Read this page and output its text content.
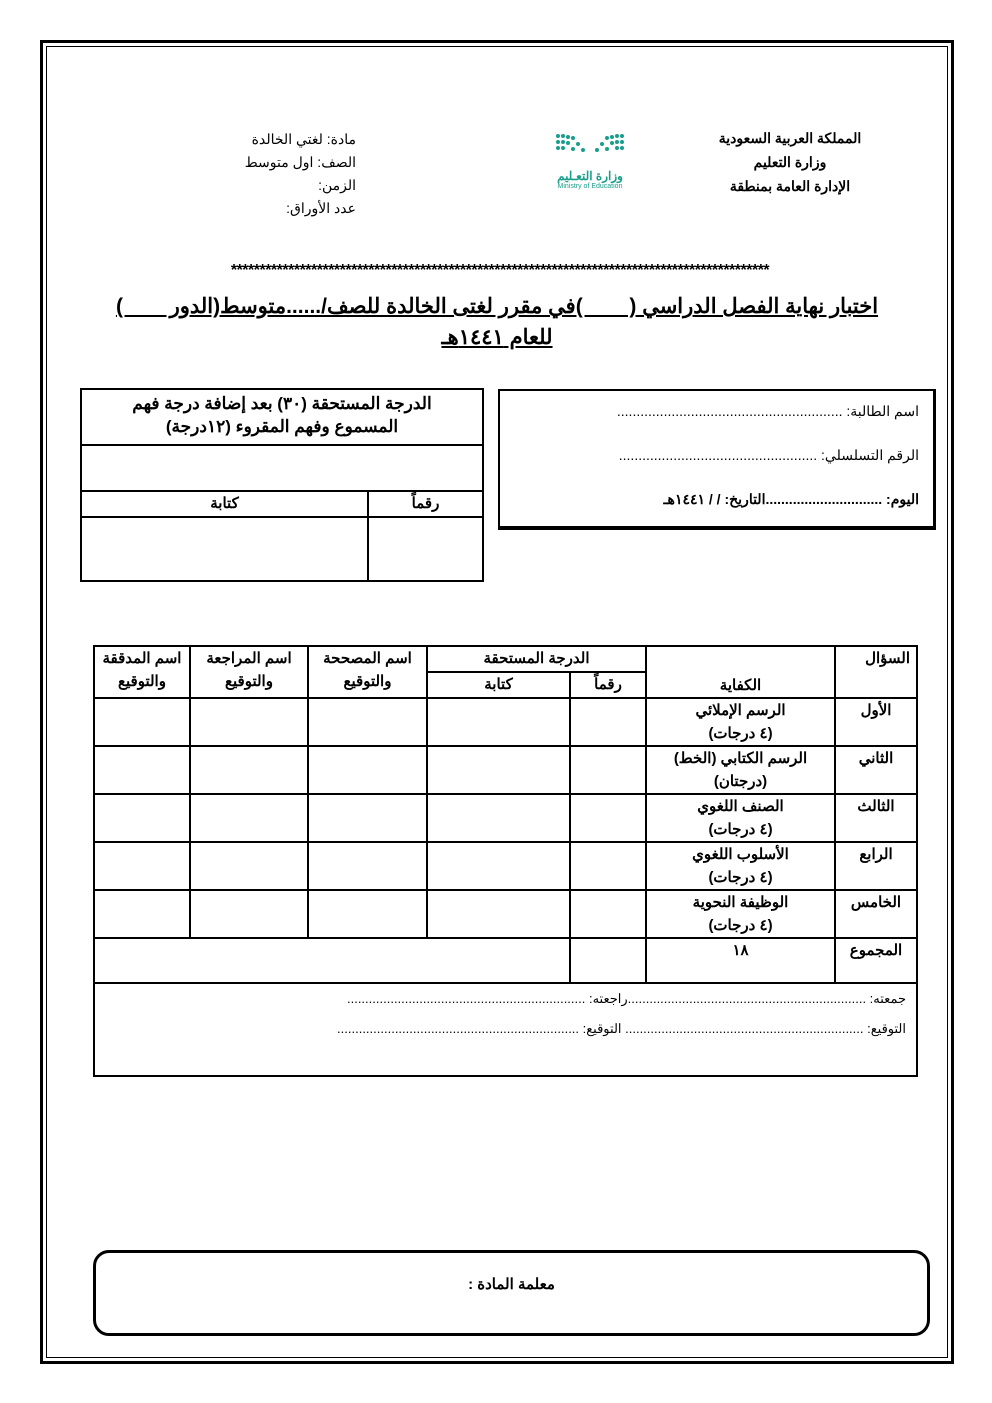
المملكة العربية السعودية
وزارة التعليم
الإدارة العامة بمنطقة
وزارة التعـليم
Ministry of Education
مادة: لغتي الخالدة
الصف: اول متوسط
الزمن:
عدد الأوراق:
**********************************************************************************************
اختبار نهاية الفصل الدراسي (        )في مقرر لغتى الخالدة للصف/......متوسط(الدور        )
للعام ١٤٤١هـ
اسم الطالبة: ..........................................................
الرقم التسلسلي: ...................................................
اليوم: ..............................التاريخ: / / ١٤٤١هـ
الدرجة المستحقة (٣٠) بعد إضافة درجة فهم المسموع وفهم المقروء (١٢درجة)	

رقماً	كتابة

السؤال	الكفاية	الدرجة المستحقة		اسم المصححة والتوقيع	اسم المراجعة والتوقيع	اسم المدققة والتوقيع
		رقماً	كتابة			
الأول	الرسم الإملائي
(٤ درجات)					

الثاني	الرسم الكتابي (الخط)
(درجتان)					

الثالث	الصنف اللغوي
(٤ درجات)					

الرابع	الأسلوب اللغوي
(٤ درجات)					

الخامس	الوظيفة النحوية
(٤ درجات)					

المجموع	١٨					
جمعته: ..................................................................راجعته: ..................................................................
التوقيع: .................................................................. التوقيع: ...................................................................
معلمة المادة :
